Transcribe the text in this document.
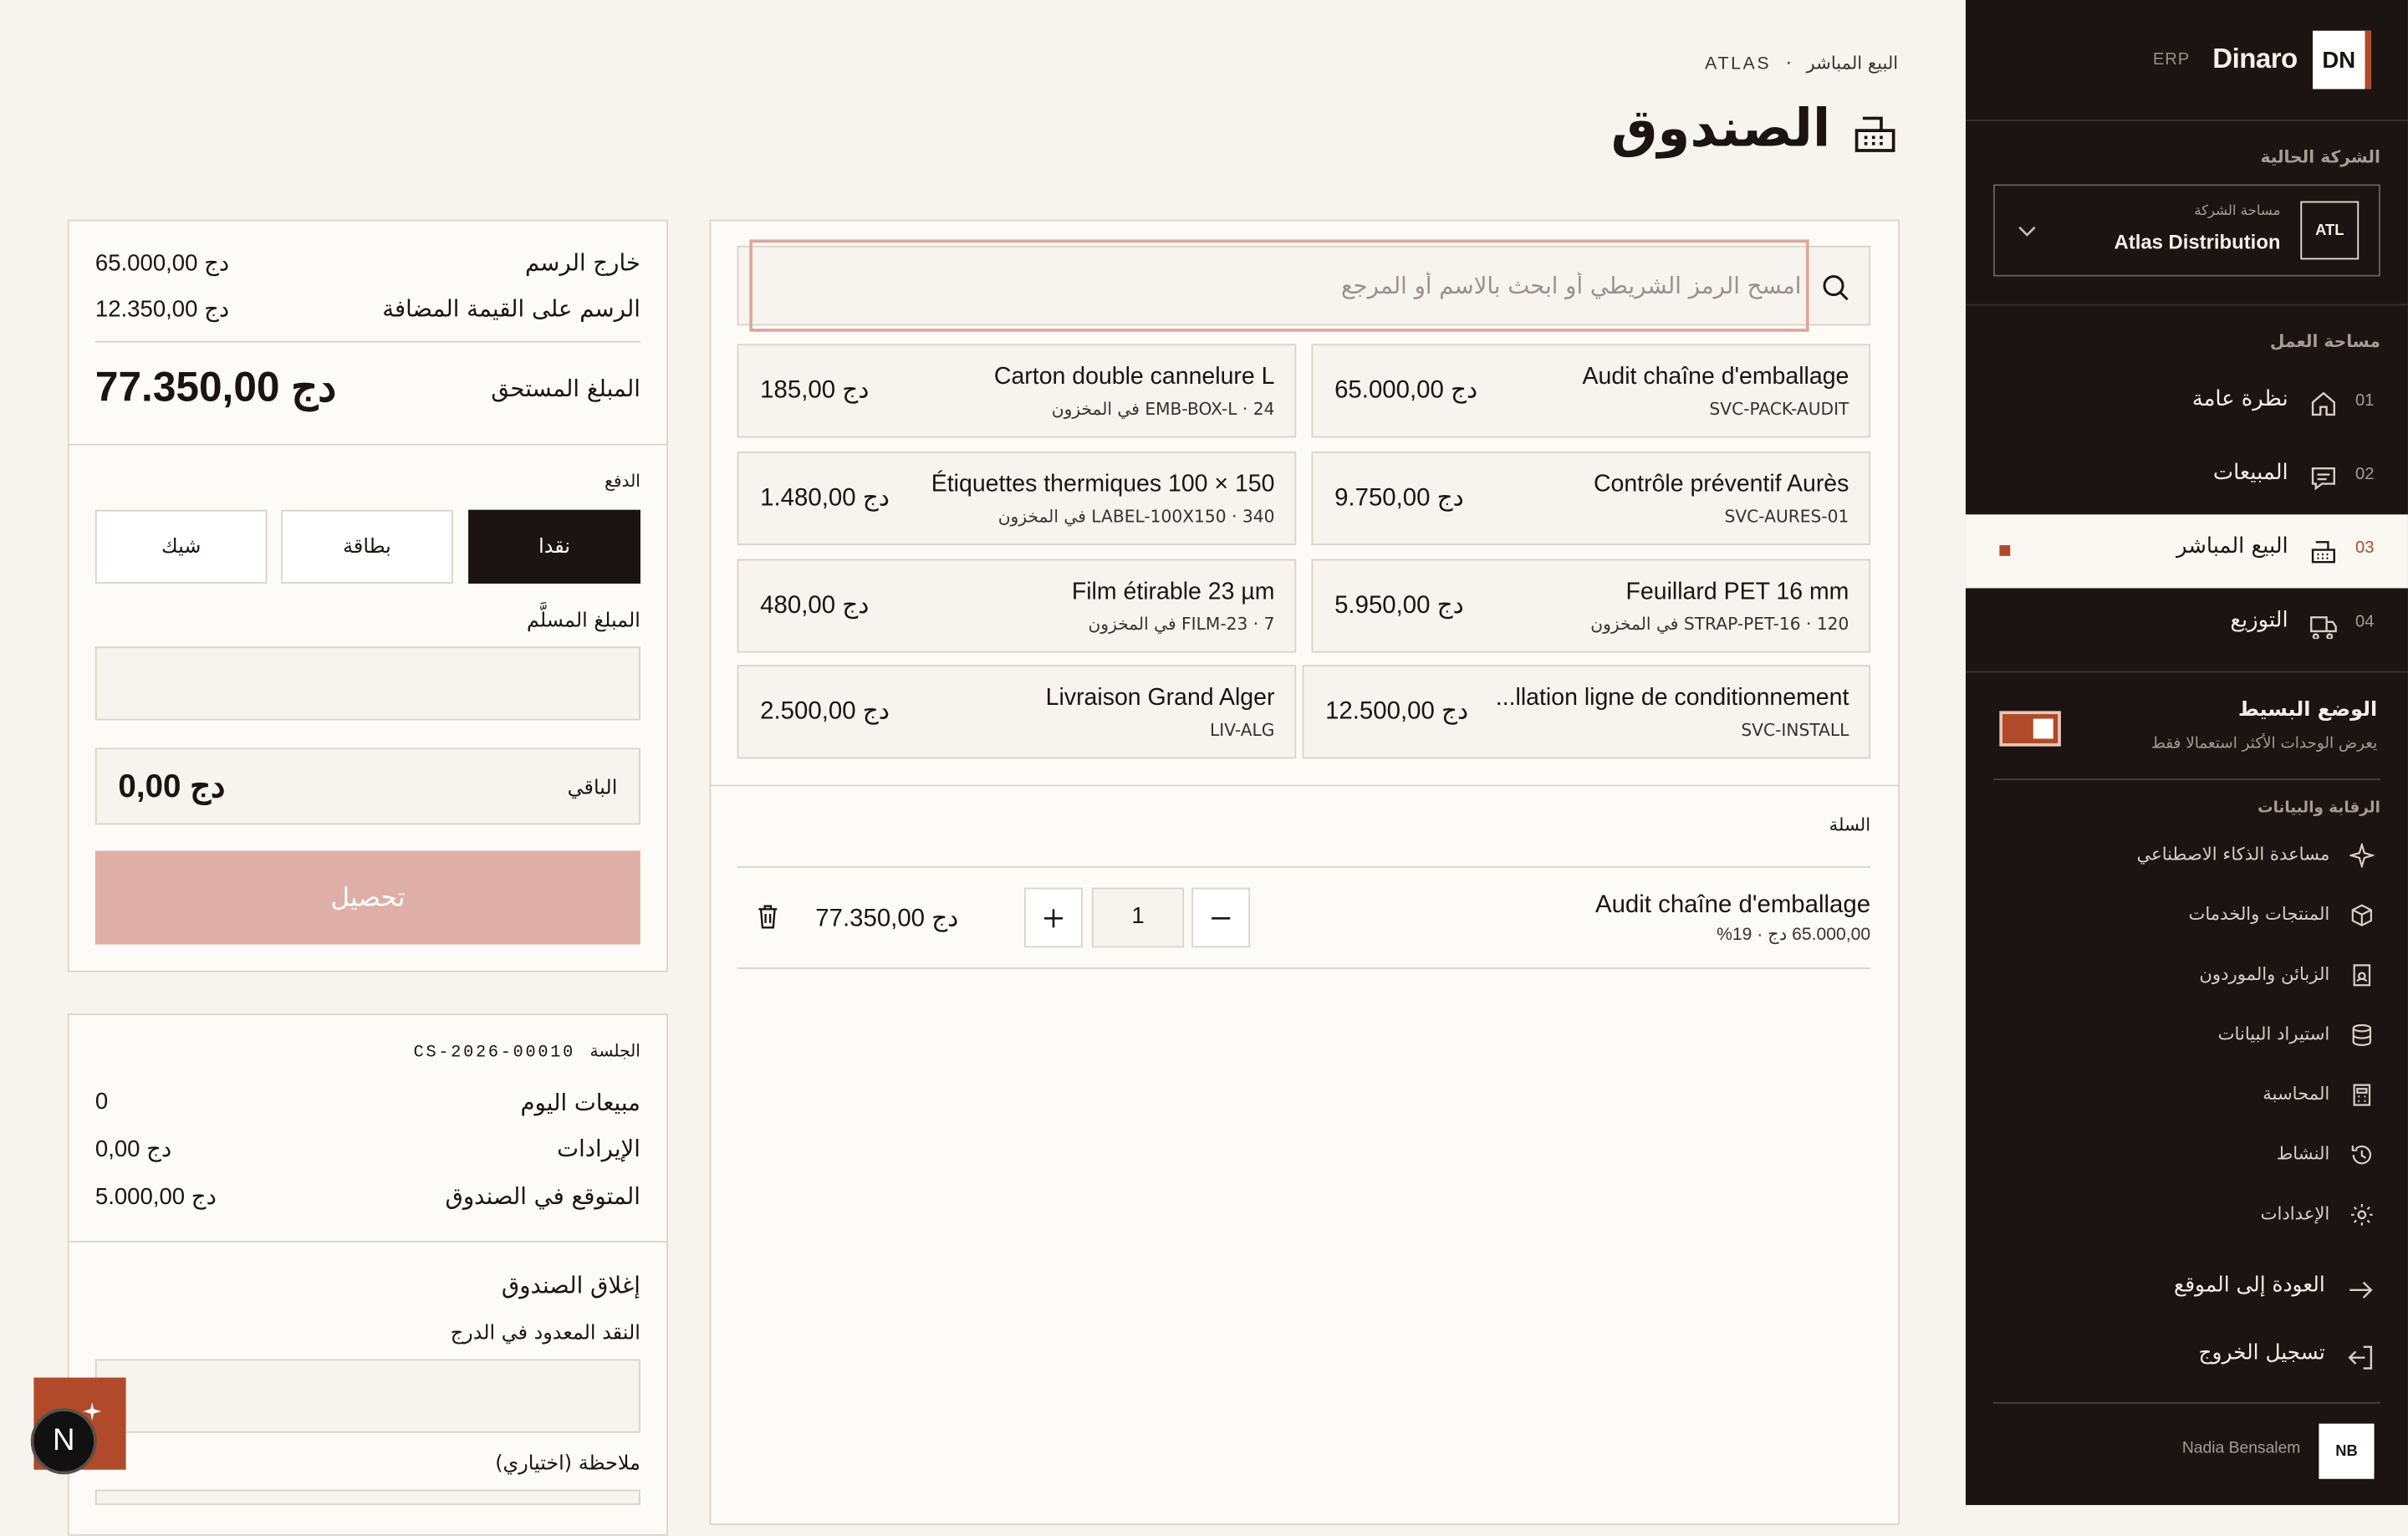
DN
Dinaro
ERP
الشركة الحالية
ATL
مساحة الشركة
Atlas Distribution
مساحة العمل
01
نظرة عامة
02
المبيعات
03
البيع المباشر
04
التوزيع
الوضع البسيط
يعرض الوحدات الأكثر استعمالا فقط
الرقابة والبيانات
مساعدة الذكاء الاصطناعي
المنتجات والخدمات
الزبائن والموردون
استيراد البيانات
المحاسبة
النشاط
الإعدادات
العودة إلى الموقع
تسجيل الخروج
NB
Nadia Bensalem
البيع المباشر · ATLAS
الصندوق
امسح الرمز الشريطي أو ابحث بالاسم أو المرجع
Audit chaîne d'emballage
SVC-PACK-AUDIT
65.000,00 دج
Carton double cannelure L
EMB-BOX-L · 24 في المخزون
185,00 دج
Contrôle préventif Aurès
SVC-AURES-01
9.750,00 دج
Étiquettes thermiques 100 × 150
LABEL-100X150 · 340 في المخزون
1.480,00 دج
Feuillard PET 16 mm
STRAP-PET-16 · 120 في المخزون
5.950,00 دج
Film étirable 23 µm
FILM-23 · 7 في المخزون
480,00 دج
...llation ligne de conditionnement
SVC-INSTALL
12.500,00 دج
Livraison Grand Alger
LIV-ALG
2.500,00 دج
السلة
Audit chaîne d'emballage
65.000,00 دج · 19%
1
77.350,00 دج
خارج الرسم
65.000,00 دج
الرسم على القيمة المضافة
12.350,00 دج
المبلغ المستحق
77.350,00 دج
الدفع
نقدا
بطاقة
شيك
المبلغ المسلَّم
الباقي
0,00 دج
تحصيل
الجلسة CS-2026-00010
مبيعات اليوم
0
الإيرادات
0,00 دج
المتوقع في الصندوق
5.000,00 دج
إغلاق الصندوق
النقد المعدود في الدرج
ملاحظة (اختياري)
N
